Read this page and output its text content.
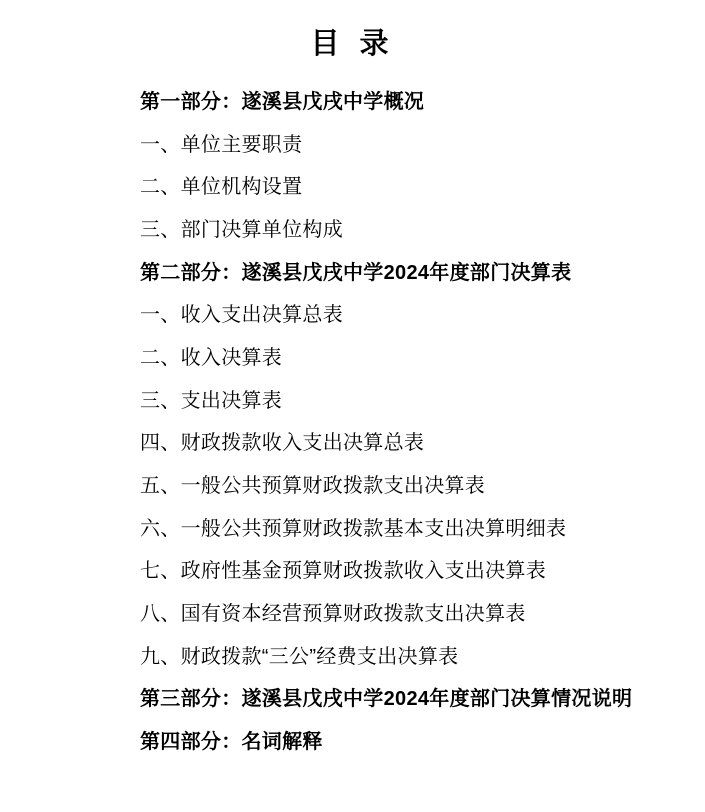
目 录
第一部分：遂溪县戊戌中学概况
一、单位主要职责
二、单位机构设置
三、部门决算单位构成
第二部分：遂溪县戊戌中学2024年度部门决算表
一、收入支出决算总表
二、收入决算表
三、支出决算表
四、财政拨款收入支出决算总表
五、一般公共预算财政拨款支出决算表
六、一般公共预算财政拨款基本支出决算明细表
七、政府性基金预算财政拨款收入支出决算表
八、国有资本经营预算财政拨款支出决算表
九、财政拨款“三公”经费支出决算表
第三部分：遂溪县戊戌中学2024年度部门决算情况说明
第四部分：名词解释
